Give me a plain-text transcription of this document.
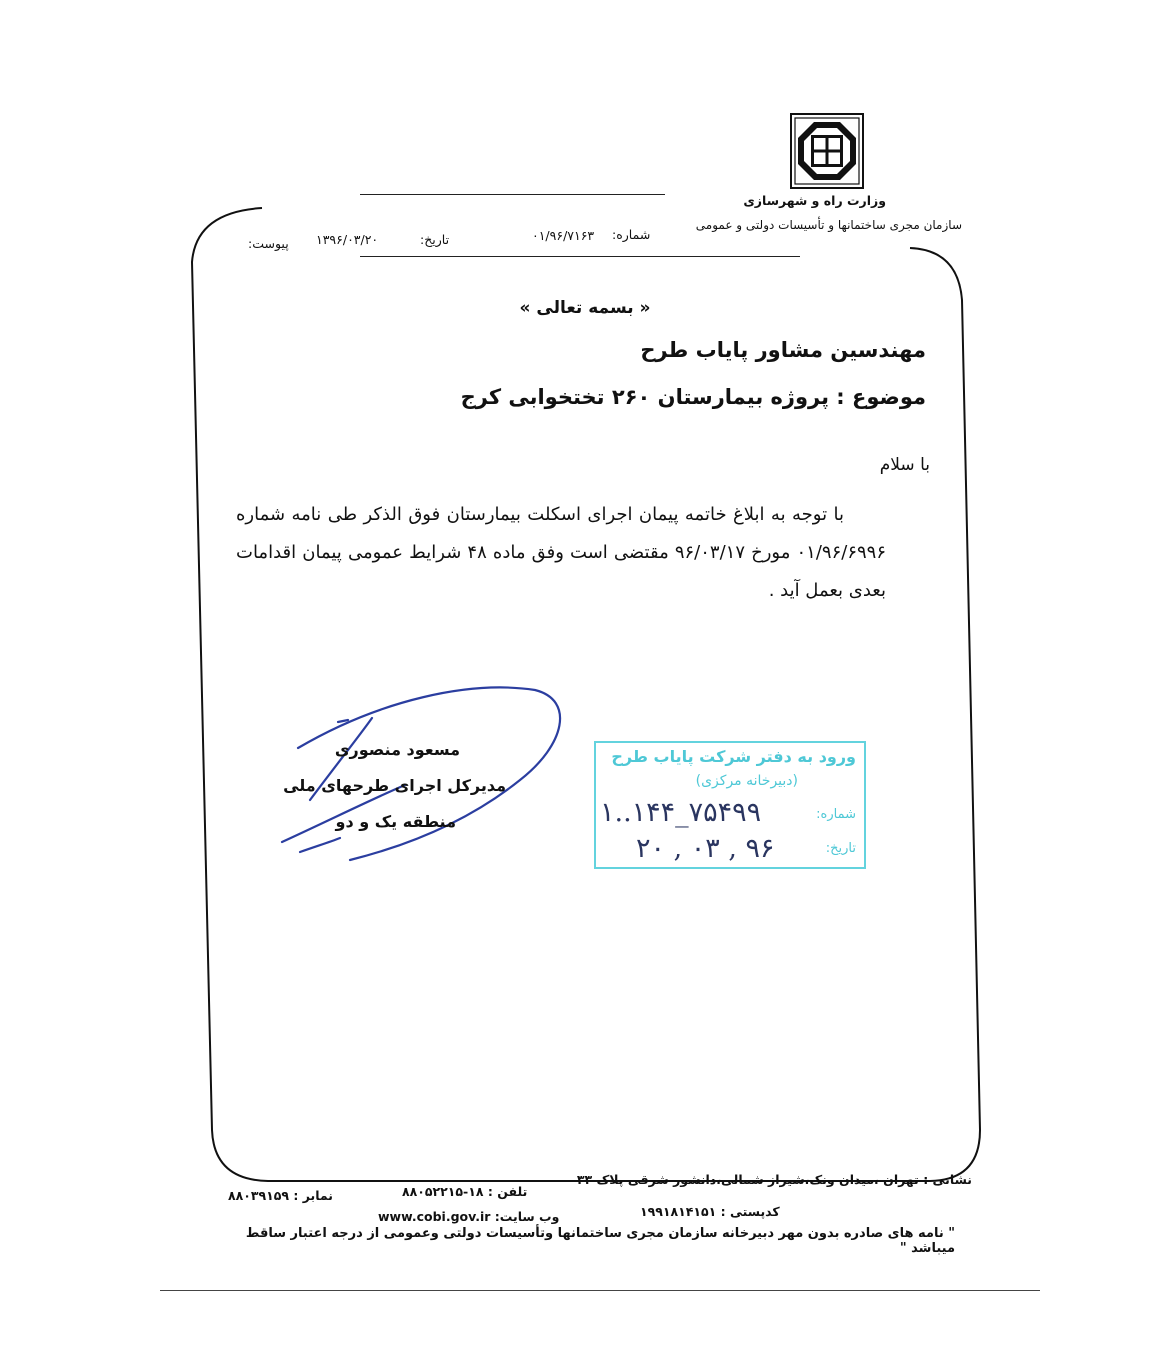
وزارت راه و شهرسازی
سازمان مجری ساختمانها و تأسیسات دولتی و عمومی
شماره:
۰۱/۹۶/۷۱۶۳
تاریخ:
۱۳۹۶/۰۳/۲۰
پیوست:
« بسمه تعالی »
مهندسین مشاور پایاب طرح
موضوع : پروژه بیمارستان ۲۶۰ تختخوابی کرج
با سلام
با توجه به ابلاغ خاتمه پیمان اجرای اسکلت بیمارستان فوق الذکر طی نامه شماره ۰۱/۹۶/۶۹۹۶ مورخ ۹۶/۰۳/۱۷ مقتضی است وفق ماده ۴۸ شرایط عمومی پیمان اقدامات بعدی بعمل آید .
مسعود منصوری
مدیرکل اجرای طرحهای ملی
منطقه یک و دو
ورود به دفتر شرکت پایاب طرح
(دبیرخانه مرکزی)
شماره:
تاریخ:
۱..۱۴۴_۷۵۴۹۹
۲۰ , ۰۳ , ۹۶
نشانی : تهران ،میدان ونک،شیراز شمالی،دانشور شرقی پلاک ۳۳
تلفن : ۱۸-۸۸۰۵۲۲۱۵
نمابر : ۸۸۰۳۹۱۵۹
کدپستی : ۱۹۹۱۸۱۴۱۵۱
وب سایت: www.cobi.gov.ir
" نامه های صادره بدون مهر دبیرخانه سازمان مجری ساختمانها وتأسیسات دولتی وعمومی از درجه اعتبار ساقط میباشد "
